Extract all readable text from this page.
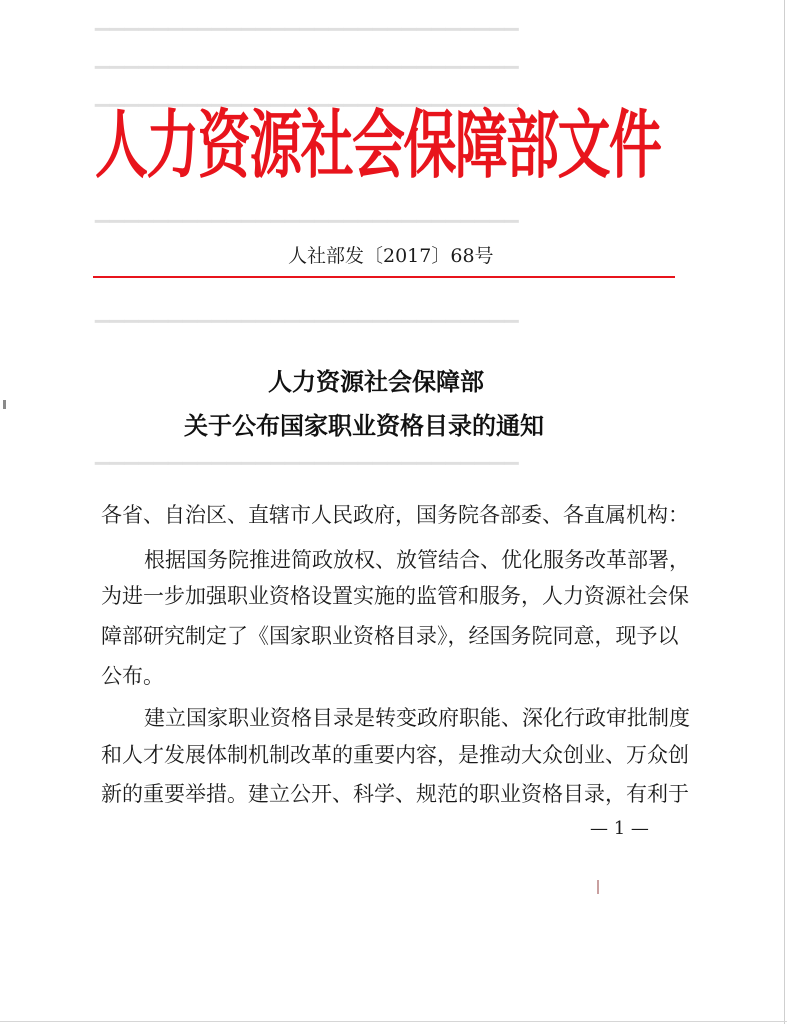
▁▁▁▁▁▁▁▁▁▁▁▁▁▁▁▁▁▁▁▁▁▁▁▁▁▁▁▁▁
▁▁▁▁▁▁▁▁▁▁▁▁▁▁▁▁▁▁▁▁▁▁▁▁▁▁▁▁▁
▁▁▁▁▁▁▁▁▁▁▁▁▁▁▁▁▁▁▁▁▁▁▁▁▁▁▁▁▁
▁▁▁▁▁▁▁▁▁▁▁▁▁▁▁▁▁▁▁▁▁▁▁▁▁▁▁▁▁
▁▁▁▁▁▁▁▁▁▁▁▁▁▁▁▁▁▁▁▁▁▁▁▁▁▁▁▁▁
▁▁▁▁▁▁▁▁▁▁▁▁▁▁▁▁▁▁▁▁▁▁▁▁▁▁▁▁▁
人力资源社会保障部文件
人社部发〔2017〕68号
人力资源社会保障部
关于公布国家职业资格目录的通知
各省、自治区、直辖市人民政府，国务院各部委、各直属机构：
根据国务院推进简政放权、放管结合、优化服务改革部署，
为进一步加强职业资格设置实施的监管和服务，人力资源社会保
障部研究制定了《国家职业资格目录》，经国务院同意，现予以
公布。
建立国家职业资格目录是转变政府职能、深化行政审批制度
和人才发展体制机制改革的重要内容，是推动大众创业、万众创
新的重要举措。建立公开、科学、规范的职业资格目录，有利于
— 1 —
